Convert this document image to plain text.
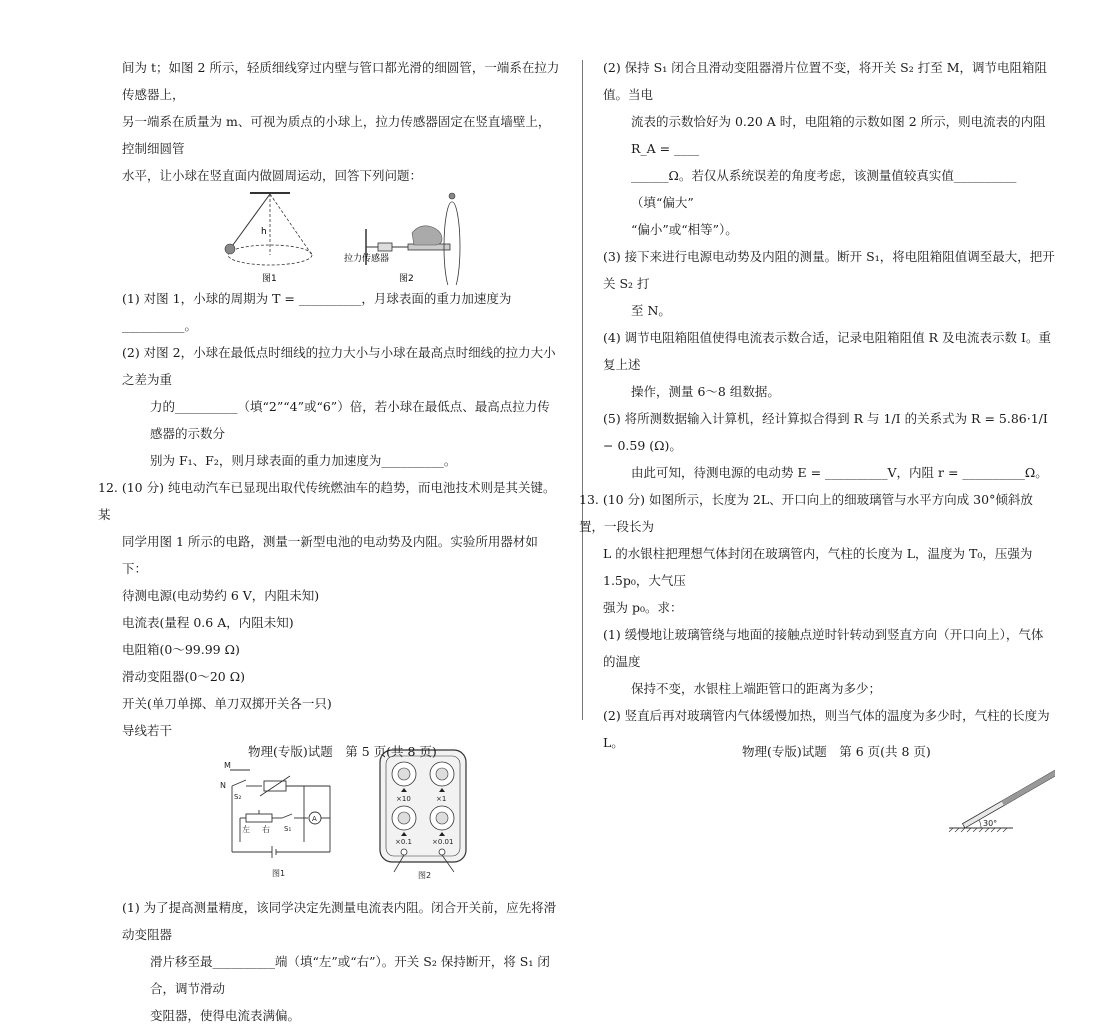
间为 t；如图 2 所示，轻质细线穿过内壁与管口都光滑的细圆管，一端系在拉力传感器上，

另一端系在质量为 m、可视为质点的小球上，拉力传感器固定在竖直墙壁上，控制细圆管

水平，让小球在竖直面内做圆周运动，回答下列问题：

h
图1
拉力传感器
图2

(1) 对图 1，小球的周期为 T = __________，月球表面的重力加速度为__________。

(2) 对图 2，小球在最低点时细线的拉力大小与小球在最高点时细线的拉力大小之差为重

力的__________（填“2”“4”或“6”）倍，若小球在最低点、最高点拉力传感器的示数分

别为 F₁、F₂，则月球表面的重力加速度为__________。

12. (10 分) 纯电动汽车已显现出取代传统燃油车的趋势，而电池技术则是其关键。某

同学用图 1 所示的电路，测量一新型电池的电动势及内阻。实验所用器材如下：

待测电源(电动势约 6 V，内阻未知)

电流表(量程 0.6 A，内阻未知)

电阻箱(0～99.99 Ω)

滑动变阻器(0～20 Ω)

开关(单刀单掷、单刀双掷开关各一只)

导线若干

M
N
S₂
左 右 S₁
A
图1
×10	×1
×0.1	×0.01
图2

(1) 为了提高测量精度，该同学决定先测量电流表内阻。闭合开关前，应先将滑动变阻器

滑片移至最__________端（填“左”或“右”）。开关 S₂ 保持断开，将 S₁ 闭合，调节滑动

变阻器，使得电流表满偏。

(2) 保持 S₁ 闭合且滑动变阻器滑片位置不变，将开关 S₂ 打至 M，调节电阻箱阻值。当电

流表的示数恰好为 0.20 A 时，电阻箱的示数如图 2 所示，则电流表的内阻 R_A = ____

______Ω。若仅从系统误差的角度考虑，该测量值较真实值__________（填“偏大”

“偏小”或“相等”）。

(3) 接下来进行电源电动势及内阻的测量。断开 S₁，将电阻箱阻值调至最大，把开关 S₂ 打

至 N。

(4) 调节电阻箱阻值使得电流表示数合适，记录电阻箱阻值 R 及电流表示数 I。重复上述

操作，测量 6～8 组数据。

(5) 将所测数据输入计算机，经计算拟合得到 R 与 1/I 的关系式为 R = 5.86·1/I − 0.59 (Ω)。

由此可知，待测电源的电动势 E = __________V，内阻 r = __________Ω。

13. (10 分) 如图所示，长度为 2L、开口向上的细玻璃管与水平方向成 30°倾斜放置，一段长为

L 的水银柱把理想气体封闭在玻璃管内，气柱的长度为 L，温度为 T₀，压强为 1.5p₀，大气压

强为 p₀。求：

(1) 缓慢地让玻璃管绕与地面的接触点逆时针转动到竖直方向（开口向上），气体的温度

保持不变，水银柱上端距管口的距离为多少；

(2) 竖直后再对玻璃管内气体缓慢加热，则当气体的温度为多少时，气柱的长度为 L。

30°
物理(专版)试题　第 5 页(共 8 页)	物理(专版)试题　第 6 页(共 8 页)
